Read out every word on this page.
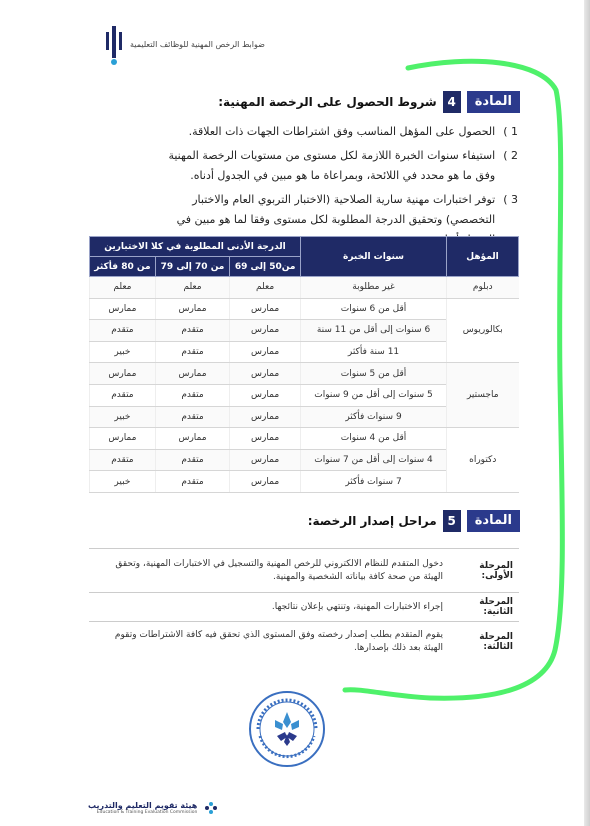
ضوابط الرخص المهنية للوظائف التعليمية
المادة
4
شروط الحصول على الرخصة المهنية:
1 )
الحصول على المؤهل المناسب وفق اشتراطات الجهات ذات العلاقة.
2 )
استيفاء سنوات الخبرة اللازمة لكل مستوى من مستويات الرخصة المهنية وفق ما هو محدد في اللائحة، وبمراعاة ما هو مبين في الجدول أدناه.
3 )
توفر اختبارات مهنية سارية الصلاحية (الاختبار التربوي العام والاختبار التخصصي) وتحقيق الدرجة المطلوبة لكل مستوى وفقا لما هو مبين في
المؤهل	سنوات الخبرة	الدرجة الأدنى المطلوبة في كلا الاختبارين		
		من50 إلى 69	من 70 إلى 79	من 80 فأكثر
دبلوم	غير مطلوبة	معلم	معلم	معلم
بكالوريوس	أقل من 6 سنوات	ممارس	ممارس	ممارس
	6 سنوات إلى أقل من 11 سنة	ممارس	متقدم	متقدم
	11 سنة فأكثر	ممارس	متقدم	خبير
ماجستير	أقل من 5 سنوات	ممارس	ممارس	ممارس
	5 سنوات إلى أقل من 9 سنوات	ممارس	متقدم	متقدم
	9 سنوات فأكثر	ممارس	متقدم	خبير
دكتوراه	أقل من 4 سنوات	ممارس	ممارس	ممارس
	4 سنوات إلى أقل من 7 سنوات	ممارس	متقدم	متقدم
	7 سنوات فأكثر	ممارس	متقدم	خبير
المادة
5
مراحل إصدار الرخصة:
المرحلة الأولى:	دخول المتقدم للنظام الالكتروني للرخص المهنية والتسجيل في الاختبارات المهنية، وتحقق الهيئة من صحة كافة بياناته الشخصية والمهنية.
المرحلة الثانية:	إجراء الاختبارات المهنية، وتنتهي بإعلان نتائجها.
المرحلة الثالثة:	يقوم المتقدم بطلب إصدار رخصته وفق المستوى الذي تحقق فيه كافة الاشتراطات وتقوم الهيئة بعد ذلك بإصدارها.
هيئة تقويم التعليم والتدريب
Education & Training Evaluation Commission
